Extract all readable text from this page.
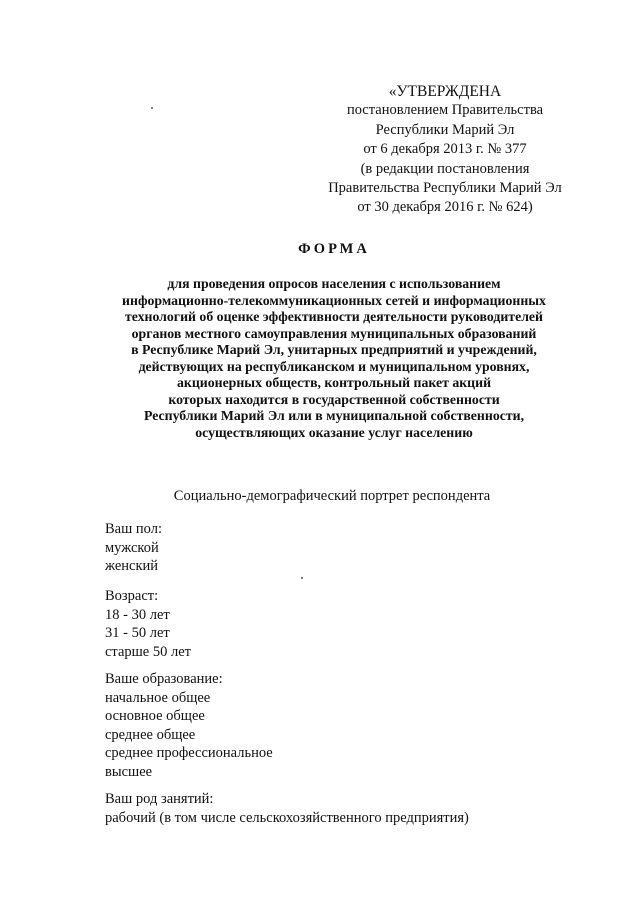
«УТВЕРЖДЕНА
постановлением Правительства
Республики Марий Эл
от 6 декабря 2013 г. № 377
(в редакции постановления
Правительства Республики Марий Эл
от 30 декабря 2016 г. № 624)
ФОРМА
для проведения опросов населения с использованием
информационно-телекоммуникационных сетей и информационных
технологий об оценке эффективности деятельности руководителей
органов местного самоуправления муниципальных образований
в Республике Марий Эл, унитарных предприятий и учреждений,
действующих на республиканском и муниципальном уровнях,
акционерных обществ, контрольный пакет акций
которых находится в государственной собственности
Республики Марий Эл или в муниципальной собственности,
осуществляющих оказание услуг населению
Социально-демографический портрет респондента
Ваш пол:
мужской
женский
Возраст:
18 - 30 лет
31 - 50 лет
старше 50 лет
Ваше образование:
начальное общее
основное общее
среднее общее
среднее профессиональное
высшее
Ваш род занятий:
рабочий (в том числе сельскохозяйственного предприятия)
